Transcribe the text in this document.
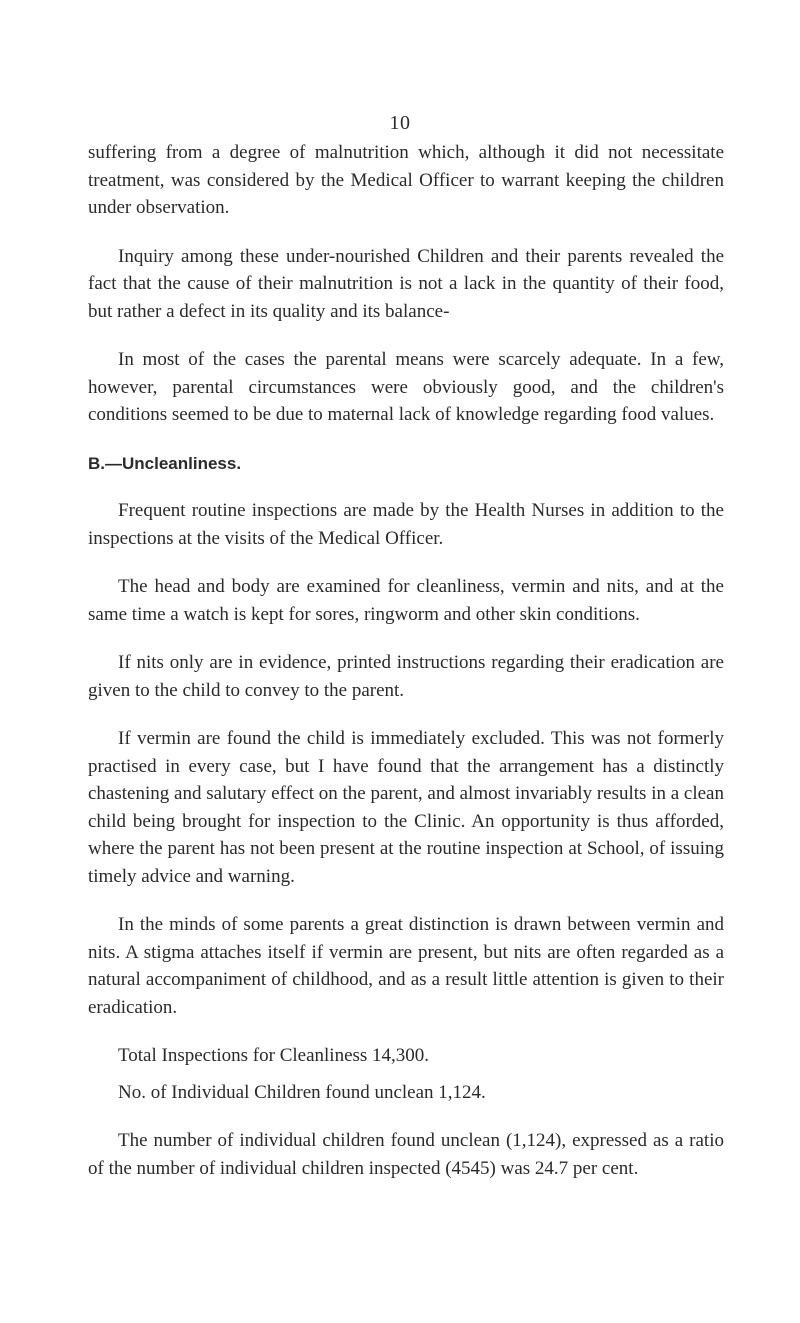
10

suffering from a degree of malnutrition which, although it did not necessitate treatment, was considered by the Medical Officer to warrant keeping the children under observation.

Inquiry among these under-nourished Children and their parents revealed the fact that the cause of their malnutrition is not a lack in the quantity of their food, but rather a defect in its quality and its balance-

In most of the cases the parental means were scarcely adequate. In a few, however, parental circumstances were obviously good, and the children's conditions seemed to be due to maternal lack of knowledge regarding food values.

B.—Uncleanliness.

Frequent routine inspections are made by the Health Nurses in addition to the inspections at the visits of the Medical Officer.

The head and body are examined for cleanliness, vermin and nits, and at the same time a watch is kept for sores, ringworm and other skin conditions.

If nits only are in evidence, printed instructions regarding their eradication are given to the child to convey to the parent.

If vermin are found the child is immediately excluded. This was not formerly practised in every case, but I have found that the arrangement has a distinctly chastening and salutary effect on the parent, and almost invariably results in a clean child being brought for inspection to the Clinic. An opportunity is thus afforded, where the parent has not been present at the routine inspection at School, of issuing timely advice and warning.

In the minds of some parents a great distinction is drawn between vermin and nits. A stigma attaches itself if vermin are present, but nits are often regarded as a natural accompaniment of childhood, and as a result little attention is given to their eradication.

Total Inspections for Cleanliness 14,300.
No. of Individual Children found unclean 1,124.

The number of individual children found unclean (1,124), expressed as a ratio of the number of individual children inspected (4545) was 24.7 per cent.
